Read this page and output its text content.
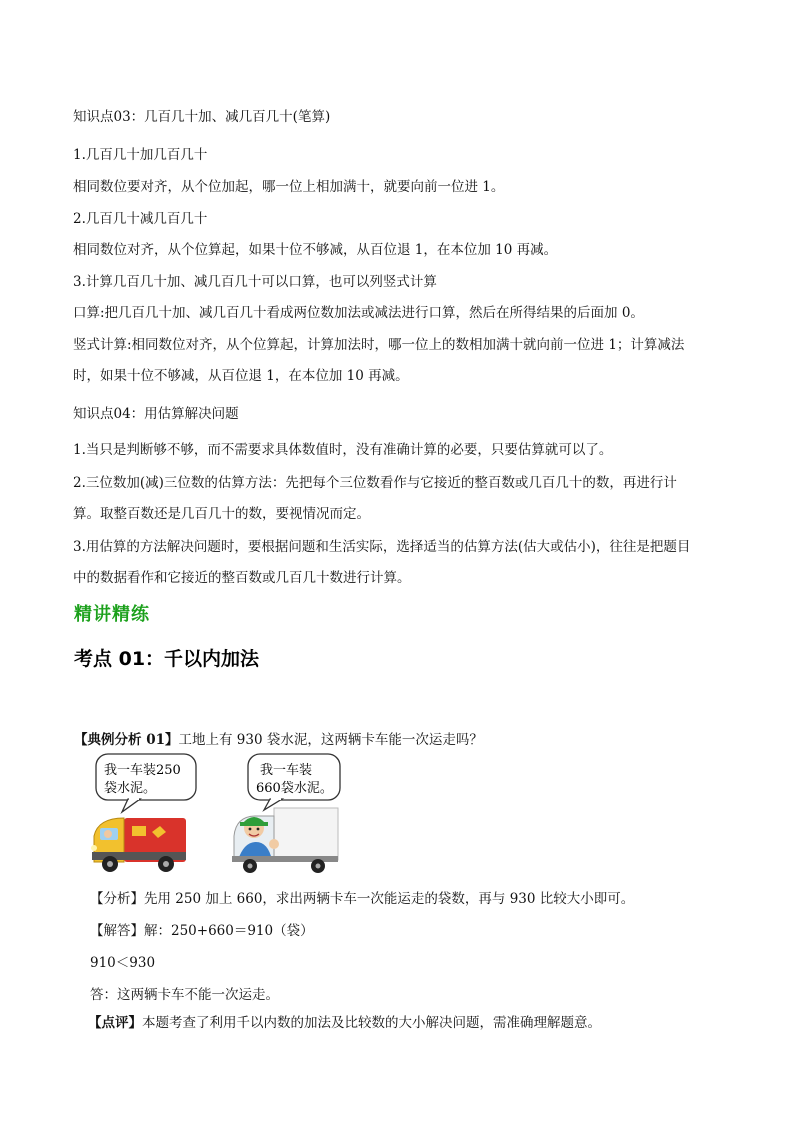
知识点03：几百几十加、减几百几十(笔算)
1.几百几十加几百几十
相同数位要对齐，从个位加起，哪一位上相加满十，就要向前一位进 1。
2.几百几十减几百几十
相同数位对齐，从个位算起，如果十位不够减，从百位退 1，在本位加 10 再减。
3.计算几百几十加、减几百几十可以口算，也可以列竖式计算
口算:把几百几十加、减几百几十看成两位数加法或减法进行口算，然后在所得结果的后面加 0。
竖式计算:相同数位对齐，从个位算起，计算加法时，哪一位上的数相加满十就向前一位进 1；计算减法
时，如果十位不够减，从百位退 1，在本位加 10 再减。
知识点04：用估算解决问题
1.当只是判断够不够，而不需要求具体数值时，没有准确计算的必要，只要估算就可以了。
2.三位数加(减)三位数的估算方法：先把每个三位数看作与它接近的整百数或几百几十的数，再进行计
算。取整百数还是几百几十的数，要视情况而定。
3.用估算的方法解决问题时，要根据问题和生活实际，选择适当的估算方法(估大或估小)，往往是把题目
中的数据看作和它接近的整百数或几百几十数进行计算。
精讲精练
考点 01：千以内加法
【典例分析 01】工地上有 930 袋水泥，这两辆卡车能一次运走吗？
我一车装250
袋水泥。
我一车装
660袋水泥。
【分析】先用 250 加上 660，求出两辆卡车一次能运走的袋数，再与 930 比较大小即可。
【解答】解：250+660＝910（袋）
910＜930
答：这两辆卡车不能一次运走。
【点评】本题考查了利用千以内数的加法及比较数的大小解决问题，需准确理解题意。
